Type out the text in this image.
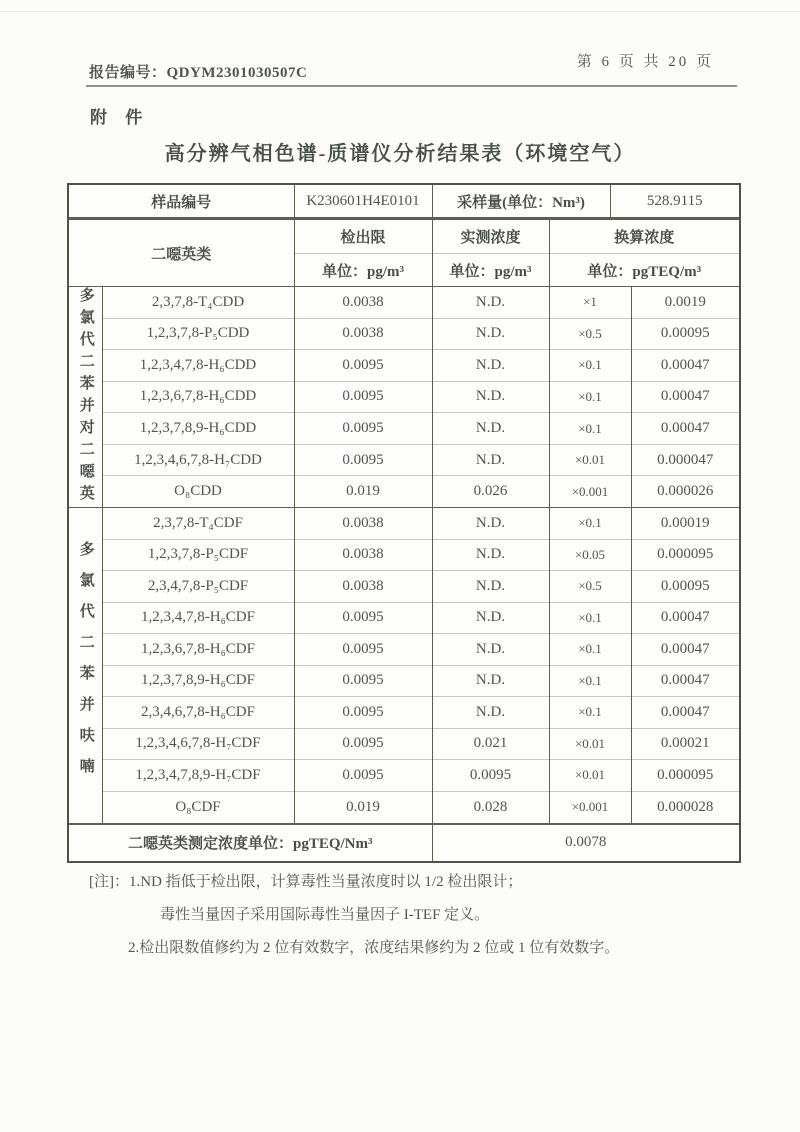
报告编号：QDYM2301030507C
第 6 页 共 20 页
附 件
高分辨气相色谱-质谱仪分析结果表（环境空气）
样品编号	K230601H4E0101	采样量(单位：Nm³)	528.9115
二噁英类		检出限	实测浓度	换算浓度	
		单位：pg/m³	单位：pg/m³	单位：pgTEQ/m³	

多氯代二苯并对二噁英	2,3,7,8-T₄CDD	0.0038	N.D.	×1	0.0019
	1,2,3,7,8-P₅CDD	0.0038	N.D.	×0.5	0.00095
	1,2,3,4,7,8-H₆CDD	0.0095	N.D.	×0.1	0.00047
	1,2,3,6,7,8-H₆CDD	0.0095	N.D.	×0.1	0.00047
	1,2,3,7,8,9-H₆CDD	0.0095	N.D.	×0.1	0.00047
	1,2,3,4,6,7,8-H₇CDD	0.0095	N.D.	×0.01	0.000047
	O₈CDD	0.019	0.026	×0.001	0.000026

多氯代二苯并呋喃	2,3,7,8-T₄CDF	0.0038	N.D.	×0.1	0.00019
	1,2,3,7,8-P₅CDF	0.0038	N.D.	×0.05	0.000095
	2,3,4,7,8-P₅CDF	0.0038	N.D.	×0.5	0.00095
	1,2,3,4,7,8-H₆CDF	0.0095	N.D.	×0.1	0.00047
	1,2,3,6,7,8-H₆CDF	0.0095	N.D.	×0.1	0.00047
	1,2,3,7,8,9-H₆CDF	0.0095	N.D.	×0.1	0.00047
	2,3,4,6,7,8-H₆CDF	0.0095	N.D.	×0.1	0.00047
	1,2,3,4,6,7,8-H₇CDF	0.0095	0.021	×0.01	0.00021
	1,2,3,4,7,8,9-H₇CDF	0.0095	0.0095	×0.01	0.000095
	O₈CDF	0.019	0.028	×0.001	0.000028
二噁英类测定浓度单位：pgTEQ/Nm³	0.0078
[注]：1.ND 指低于检出限，计算毒性当量浓度时以 1/2 检出限计；
毒性当量因子采用国际毒性当量因子 I-TEF 定义。
2.检出限数值修约为 2 位有效数字，浓度结果修约为 2 位或 1 位有效数字。
